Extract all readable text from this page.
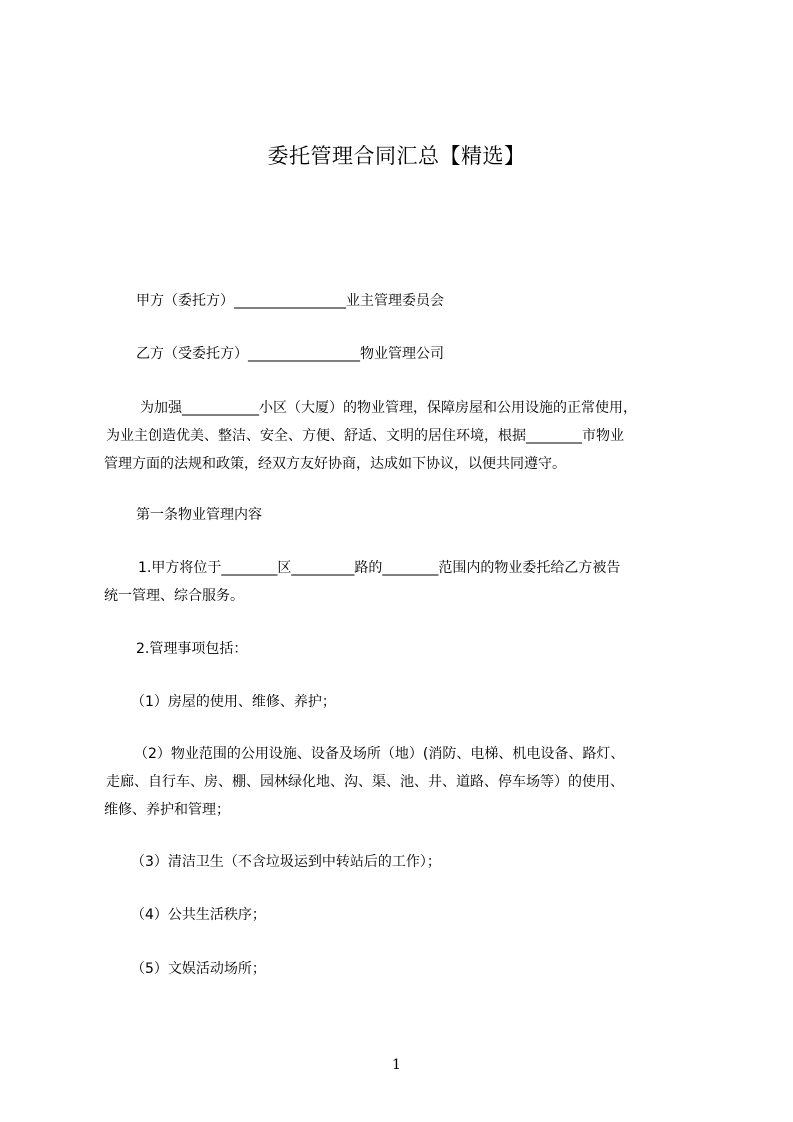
委托管理合同汇总【精选】
甲方（委托方）________________业主管理委员会
乙方（受委托方）________________物业管理公司
为加强___________小区（大厦）的物业管理，保障房屋和公用设施的正常使用，
为业主创造优美、整洁、安全、方便、舒适、文明的居住环境，根据________市物业
管理方面的法规和政策，经双方友好协商，达成如下协议，以便共同遵守。
第一条物业管理内容
1.甲方将位于________区_________路的________范围内的物业委托给乙方被告
统一管理、综合服务。
2.管理事项包括：
（1）房屋的使用、维修、养护；
（2）物业范围的公用设施、设备及场所（地）(消防、电梯、机电设备、路灯、
走廊、自行车、房、棚、园林绿化地、沟、渠、池、井、道路、停车场等）的使用、
维修、养护和管理；
（3）清洁卫生（不含垃圾运到中转站后的工作）；
（4）公共生活秩序；
（5）文娱活动场所；
1
